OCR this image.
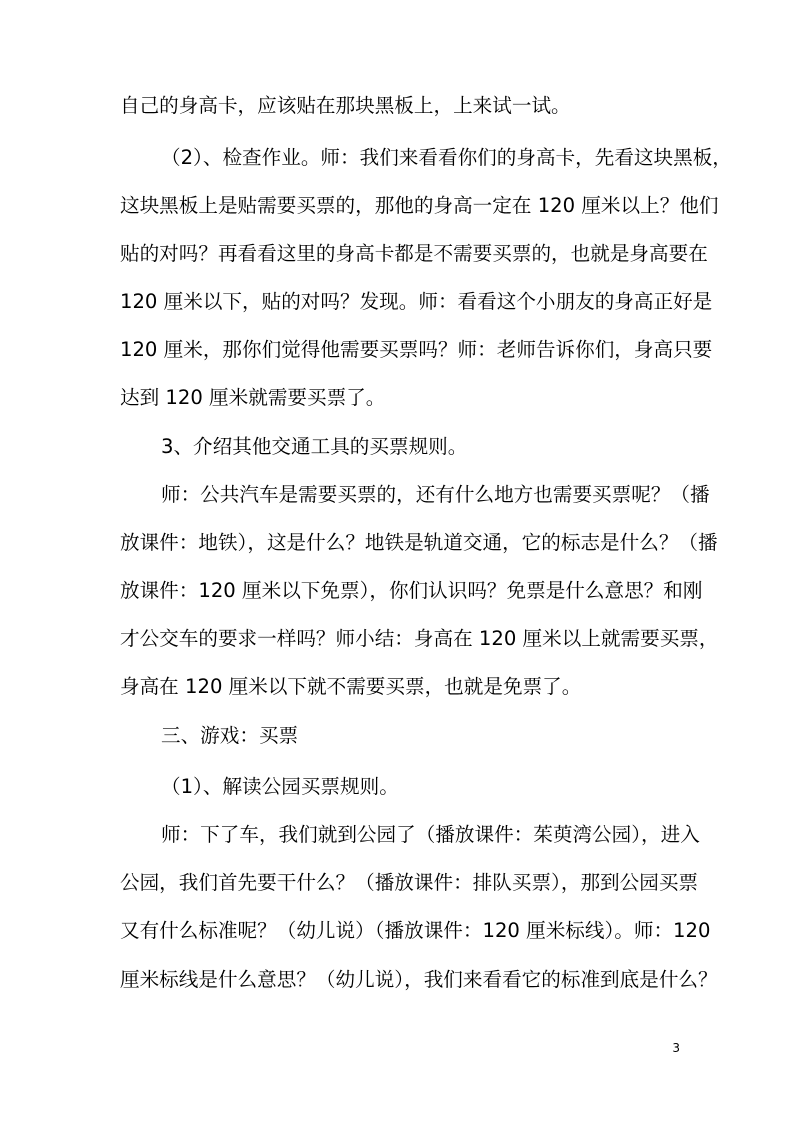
自己的身高卡，应该贴在那块黑板上，上来试一试。
（2）、检查作业。师：我们来看看你们的身高卡，先看这块黑板，
这块黑板上是贴需要买票的，那他的身高一定在 120 厘米以上？他们
贴的对吗？再看看这里的身高卡都是不需要买票的，也就是身高要在
120 厘米以下，贴的对吗？发现。师：看看这个小朋友的身高正好是
120 厘米，那你们觉得他需要买票吗？师：老师告诉你们，身高只要
达到 120 厘米就需要买票了。
3、介绍其他交通工具的买票规则。
师：公共汽车是需要买票的，还有什么地方也需要买票呢？（播
放课件：地铁），这是什么？地铁是轨道交通，它的标志是什么？（播
放课件：120 厘米以下免票），你们认识吗？免票是什么意思？和刚
才公交车的要求一样吗？师小结：身高在 120 厘米以上就需要买票，
身高在 120 厘米以下就不需要买票，也就是免票了。
三、游戏：买票
（1）、解读公园买票规则。
师：下了车，我们就到公园了（播放课件：茱萸湾公园），进入
公园，我们首先要干什么？（播放课件：排队买票），那到公园买票
又有什么标准呢？（幼儿说）（播放课件：120 厘米标线）。师：120
厘米标线是什么意思？（幼儿说），我们来看看它的标准到底是什么？
3
